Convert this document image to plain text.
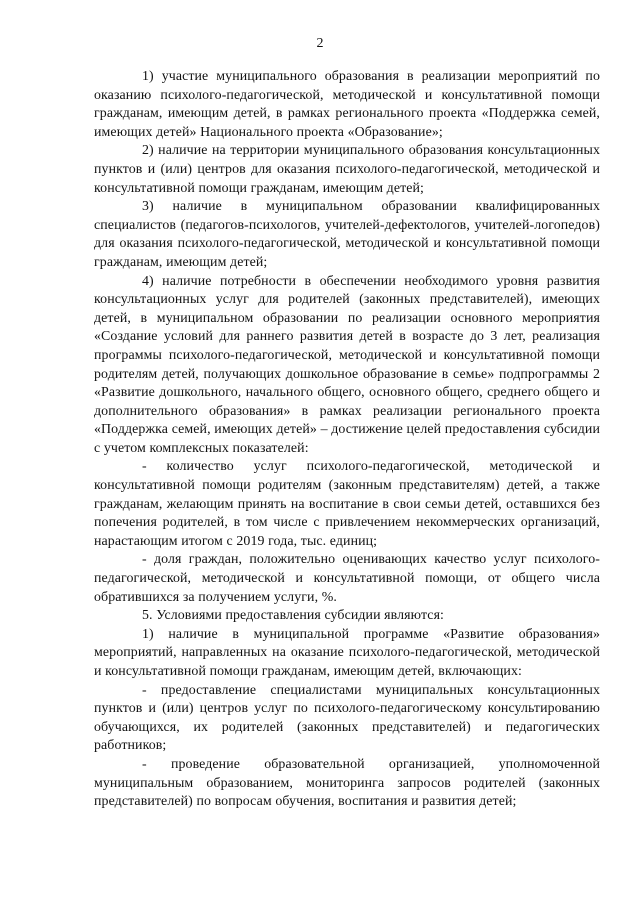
2

1) участие муниципального образования в реализации мероприятий по оказанию психолого-педагогической, методической и консультативной помощи гражданам, имеющим детей, в рамках регионального проекта «Поддержка семей, имеющих детей» Национального проекта «Образование»;

2) наличие на территории муниципального образования консультационных пунктов и (или) центров для оказания психолого-педагогической, методической и консультативной помощи гражданам, имеющим детей;

3) наличие в муниципальном образовании квалифицированных специалистов (педагогов-психологов, учителей-дефектологов, учителей-логопедов) для оказания психолого-педагогической, методической и консультативной помощи гражданам, имеющим детей;

4) наличие потребности в обеспечении необходимого уровня развития консультационных услуг для родителей (законных представителей), имеющих детей, в муниципальном образовании по реализации основного мероприятия «Создание условий для раннего развития детей в возрасте до 3 лет, реализация программы психолого-педагогической, методической и консультативной помощи родителям детей, получающих дошкольное образование в семье» подпрограммы 2 «Развитие дошкольного, начального общего, основного общего, среднего общего и дополнительного образования» в рамках реализации регионального проекта «Поддержка семей, имеющих детей» – достижение целей предоставления субсидии с учетом комплексных показателей:

- количество услуг психолого-педагогической, методической и консультативной помощи родителям (законным представителям) детей, а также гражданам, желающим принять на воспитание в свои семьи детей, оставшихся без попечения родителей, в том числе с привлечением некоммерческих организаций, нарастающим итогом с 2019 года, тыс. единиц;

- доля граждан, положительно оценивающих качество услуг психолого-педагогической, методической и консультативной помощи, от общего числа обратившихся за получением услуги, %.

5. Условиями предоставления субсидии являются:

1) наличие в муниципальной программе «Развитие образования» мероприятий, направленных на оказание психолого-педагогической, методической и консультативной помощи гражданам, имеющим детей, включающих:

- предоставление специалистами муниципальных консультационных пунктов и (или) центров услуг по психолого-педагогическому консультированию обучающихся, их родителей (законных представителей) и педагогических работников;

- проведение образовательной организацией, уполномоченной муниципальным образованием, мониторинга запросов родителей (законных представителей) по вопросам обучения, воспитания и развития детей;
